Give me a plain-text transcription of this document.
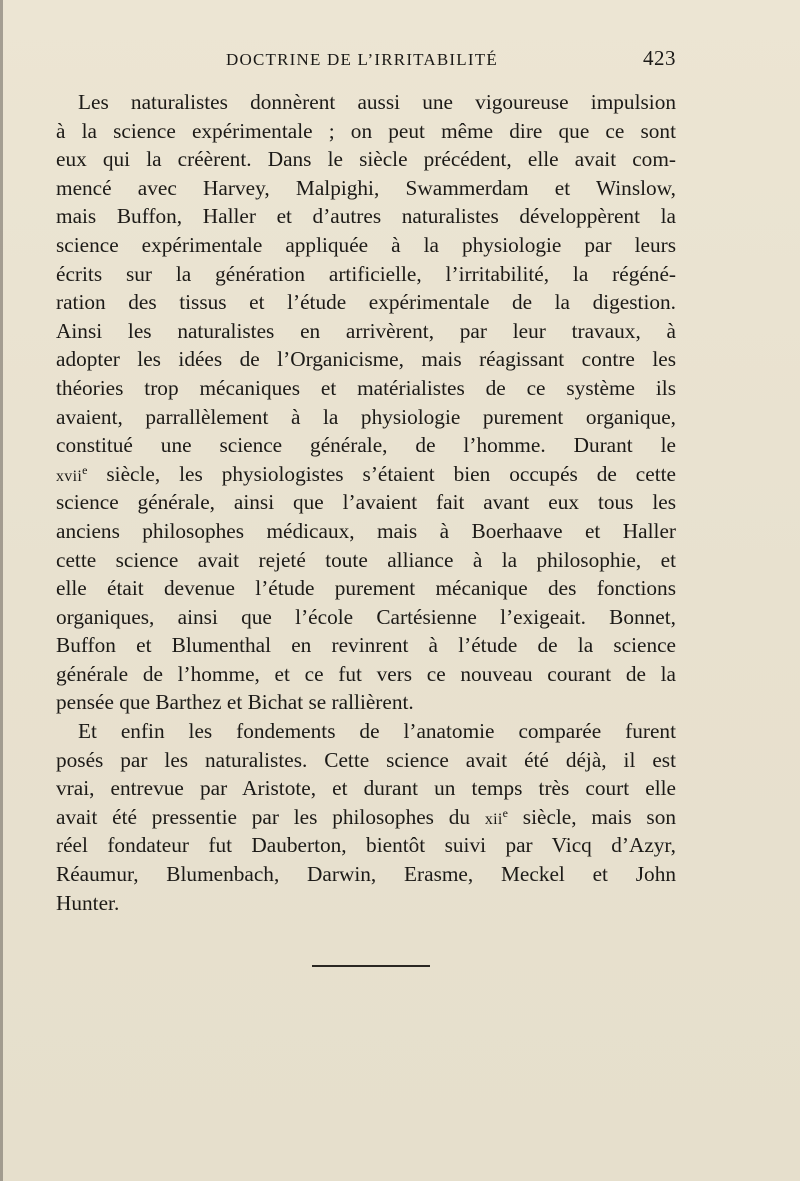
DOCTRINE DE L’IRRITABILITÉ	423
Les naturalistes donnèrent aussi une vigoureuse impulsion
à la science expérimentale ; on peut même dire que ce sont
eux qui la créèrent. Dans le siècle précédent, elle avait com-
mencé avec Harvey, Malpighi, Swammerdam et Winslow,
mais Buffon, Haller et d’autres naturalistes développèrent la
science expérimentale appliquée à la physiologie par leurs
écrits sur la génération artificielle, l’irritabilité, la régéné-
ration des tissus et l’étude expérimentale de la digestion.
Ainsi les naturalistes en arrivèrent, par leur travaux, à
adopter les idées de l’Organicisme, mais réagissant contre les
théories trop mécaniques et matérialistes de ce système ils
avaient, parrallèlement à la physiologie purement organique,
constitué une science générale, de l’homme. Durant le
xvii$^e$ siècle, les physiologistes s’étaient bien occupés de cette
science générale, ainsi que l’avaient fait avant eux tous les
anciens philosophes médicaux, mais à Boerhaave et Haller
cette science avait rejeté toute alliance à la philosophie, et
elle était devenue l’étude purement mécanique des fonctions
organiques, ainsi que l’école Cartésienne l’exigeait. Bonnet,
Buffon et Blumenthal en revinrent à l’étude de la science
générale de l’homme, et ce fut vers ce nouveau courant de la
pensée que Barthez et Bichat se rallièrent.
Et enfin les fondements de l’anatomie comparée furent
posés par les naturalistes. Cette science avait été déjà, il est
vrai, entrevue par Aristote, et durant un temps très court elle
avait été pressentie par les philosophes du xii$^e$ siècle, mais son
réel fondateur fut Dauberton, bientôt suivi par Vicq d’Azyr,
Réaumur, Blumenbach, Darwin, Erasme, Meckel et John
Hunter.
